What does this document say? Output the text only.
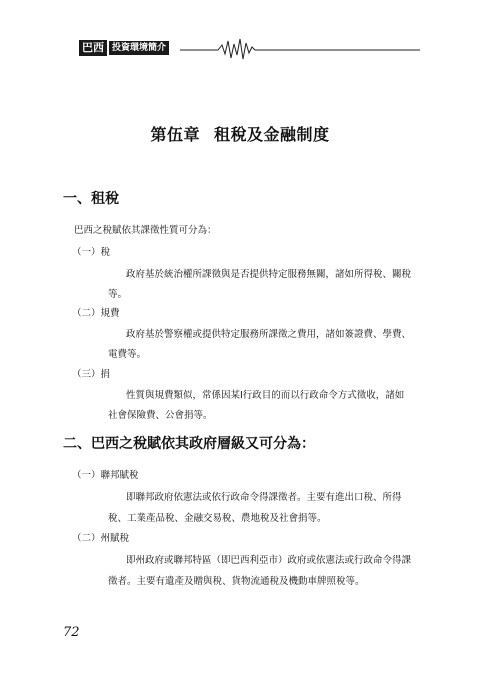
巴西 投資環境簡介
第伍章 租稅及金融制度
一、租稅
巴西之稅賦依其課徵性質可分為：
（一）稅
政府基於統治權所課徵與是否提供特定服務無關，諸如所得稅、關稅
等。
（二）規費
政府基於警察權或提供特定服務所課徵之費用，諸如簽證費、學費、
電費等。
（三）捐
性質與規費類似，常係因某Ⅰ行政目的而以行政命令方式徵收，諸如
社會保險費、公會捐等。
二、巴西之稅賦依其政府層級又可分為：
（一）聯邦賦稅
即聯邦政府依憲法或依行政命令得課徵者。主要有進出口稅、所得
稅、工業產品稅、金融交易稅、農地稅及社會捐等。
（二）州賦稅
即州政府或聯邦特區（即巴西利亞市）政府或依憲法或行政命令得課
徵者。主要有遺產及贈與稅、貨物流通稅及機動車牌照稅等。
72
